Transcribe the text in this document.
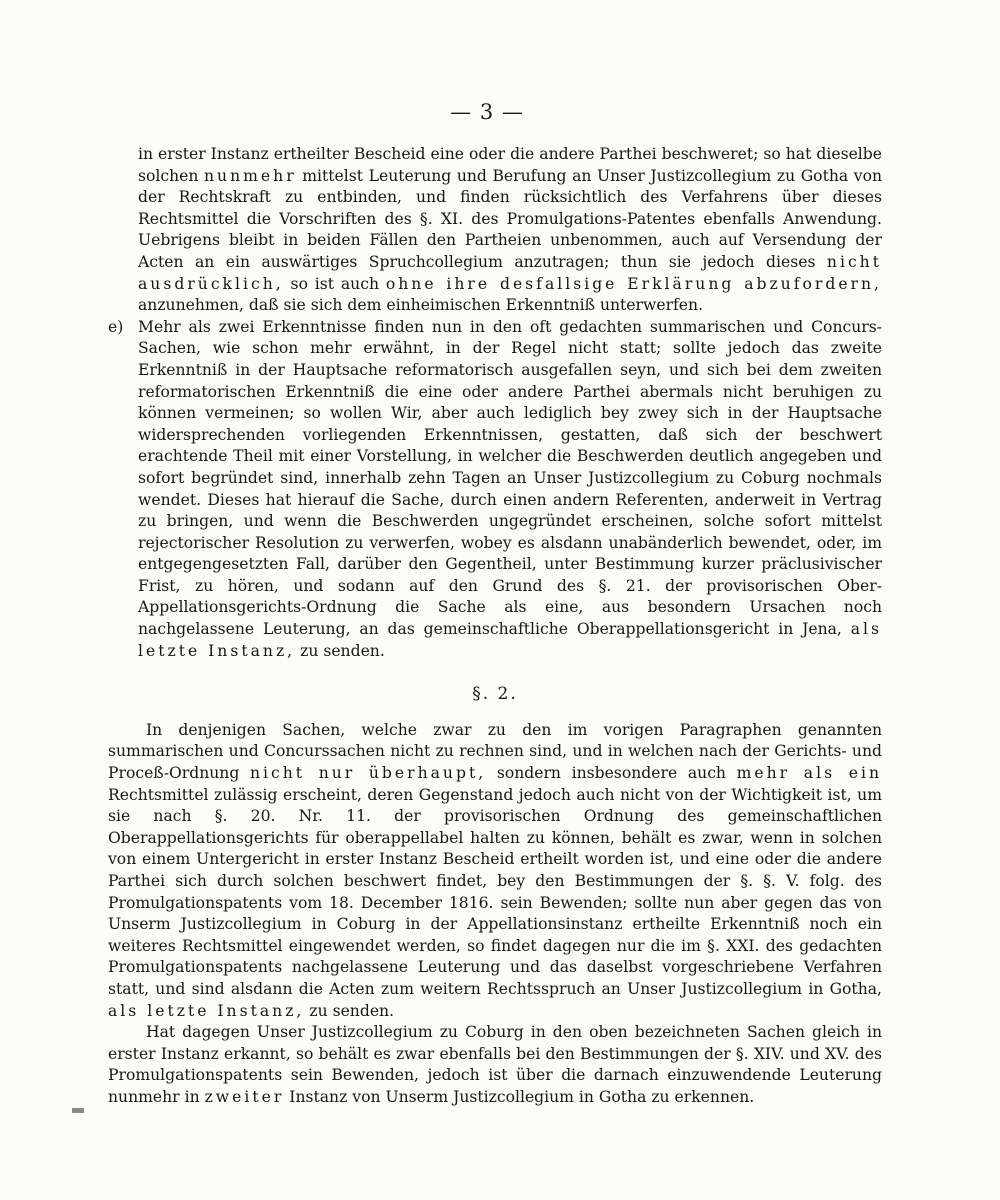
— 3 —

in erster Instanz ertheilter Bescheid eine oder die andere Parthei beschweret; so hat dieselbe solchen nunmehr mittelst Leuterung und Berufung an Unser Justizcollegium zu Gotha von der Rechtskraft zu entbinden, und finden rücksichtlich des Verfahrens über dieses Rechtsmittel die Vorschriften des §. XI. des Promulgations-Patentes ebenfalls Anwendung. Uebrigens bleibt in beiden Fällen den Partheien unbenommen, auch auf Versendung der Acten an ein auswärtiges Spruchcollegium anzutragen; thun sie jedoch dieses nicht ausdrücklich, so ist auch ohne ihre desfallsige Erklärung abzufordern, anzunehmen, daß sie sich dem einheimischen Erkenntniß unterwerfen.

e) Mehr als zwei Erkenntnisse finden nun in den oft gedachten summarischen und Concurs-Sachen, wie schon mehr erwähnt, in der Regel nicht statt; sollte jedoch das zweite Erkenntniß in der Hauptsache reformatorisch ausgefallen seyn, und sich bei dem zweiten reformatorischen Erkenntniß die eine oder andere Parthei abermals nicht beruhigen zu können vermeinen; so wollen Wir, aber auch lediglich bey zwey sich in der Hauptsache widersprechenden vorliegenden Erkenntnissen, gestatten, daß sich der beschwert erachtende Theil mit einer Vorstellung, in welcher die Beschwerden deutlich angegeben und sofort begründet sind, innerhalb zehn Tagen an Unser Justizcollegium zu Coburg nochmals wendet. Dieses hat hierauf die Sache, durch einen andern Referenten, anderweit in Vertrag zu bringen, und wenn die Beschwerden ungegründet erscheinen, solche sofort mittelst rejectorischer Resolution zu verwerfen, wobey es alsdann unabänderlich bewendet, oder, im entgegengesetzten Fall, darüber den Gegentheil, unter Bestimmung kurzer präclusivischer Frist, zu hören, und sodann auf den Grund des §. 21. der provisorischen Ober-Appellationsgerichts-Ordnung die Sache als eine, aus besondern Ursachen noch nachgelassene Leuterung, an das gemeinschaftliche Oberappellationsgericht in Jena, als letzte Instanz, zu senden.

§. 2.

In denjenigen Sachen, welche zwar zu den im vorigen Paragraphen genannten summarischen und Concurssachen nicht zu rechnen sind, und in welchen nach der Gerichts- und Proceß-Ordnung nicht nur überhaupt, sondern insbesondere auch mehr als ein Rechtsmittel zulässig erscheint, deren Gegenstand jedoch auch nicht von der Wichtigkeit ist, um sie nach §. 20. Nr. 11. der provisorischen Ordnung des gemeinschaftlichen Oberappellationsgerichts für oberappellabel halten zu können, behält es zwar, wenn in solchen von einem Untergericht in erster Instanz Bescheid ertheilt worden ist, und eine oder die andere Parthei sich durch solchen beschwert findet, bey den Bestimmungen der §. §. V. folg. des Promulgationspatents vom 18. December 1816. sein Bewenden; sollte nun aber gegen das von Unserm Justizcollegium in Coburg in der Appellationsinstanz ertheilte Erkenntniß noch ein weiteres Rechtsmittel eingewendet werden, so findet dagegen nur die im §. XXI. des gedachten Promulgationspatents nachgelassene Leuterung und das daselbst vorgeschriebene Verfahren statt, und sind alsdann die Acten zum weitern Rechtsspruch an Unser Justizcollegium in Gotha, als letzte Instanz, zu senden.

Hat dagegen Unser Justizcollegium zu Coburg in den oben bezeichneten Sachen gleich in erster Instanz erkannt, so behält es zwar ebenfalls bei den Bestimmungen der §. XIV. und XV. des Promulgationspatents sein Bewenden, jedoch ist über die darnach einzuwendende Leuterung nunmehr in zweiter Instanz von Unserm Justizcollegium in Gotha zu erkennen.
